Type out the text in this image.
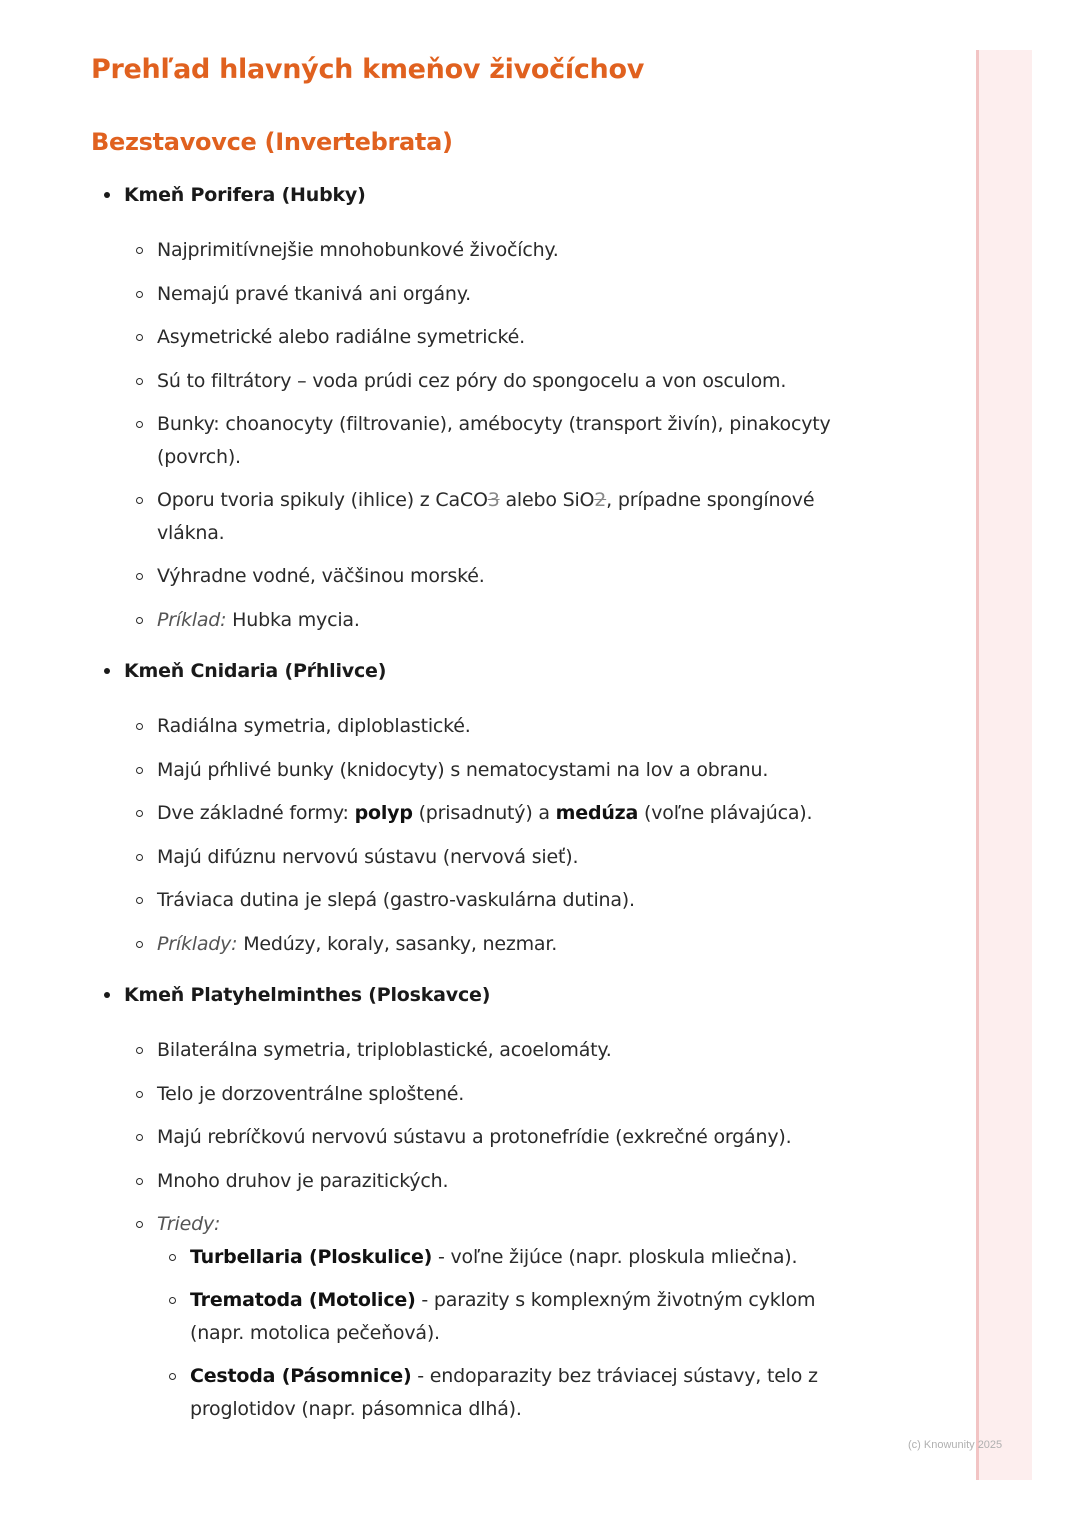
Prehľad hlavných kmeňov živočíchov
Bezstavovce (Invertebrata)
Kmeň Porifera (Hubky)
Najprimitívnejšie mnohobunkové živočíchy.
Nemajú pravé tkanivá ani orgány.
Asymetrické alebo radiálne symetrické.
Sú to filtrátory – voda prúdi cez póry do spongocelu a von osculom.
Bunky: choanocyty (filtrovanie), amébocyty (transport živín), pinakocyty (povrch).
Oporu tvoria spikuly (ihlice) z CaCO3 alebo SiO2, prípadne spongínové vlákna.
Výhradne vodné, väčšinou morské.
Príklad: Hubka mycia.
Kmeň Cnidaria (Pŕhlivce)
Radiálna symetria, diploblastické.
Majú pŕhlivé bunky (knidocyty) s nematocystami na lov a obranu.
Dve základné formy: polyp (prisadnutý) a medúza (voľne plávajúca).
Majú difúznu nervovú sústavu (nervová sieť).
Tráviaca dutina je slepá (gastro-vaskulárna dutina).
Príklady: Medúzy, koraly, sasanky, nezmar.
Kmeň Platyhelminthes (Ploskavce)
Bilaterálna symetria, triploblastické, acoelomáty.
Telo je dorzoventrálne sploštené.
Majú rebríčkovú nervovú sústavu a protonefrídie (exkrečné orgány).
Mnoho druhov je parazitických.
Triedy:
Turbellaria (Ploskulice) - voľne žijúce (napr. ploskula mliečna).
Trematoda (Motolice) - parazity s komplexným životným cyklom (napr. motolica pečeňová).
Cestoda (Pásomnice) - endoparazity bez tráviacej sústavy, telo z proglotidov (napr. pásomnica dlhá).
(c) Knowunity 2025
